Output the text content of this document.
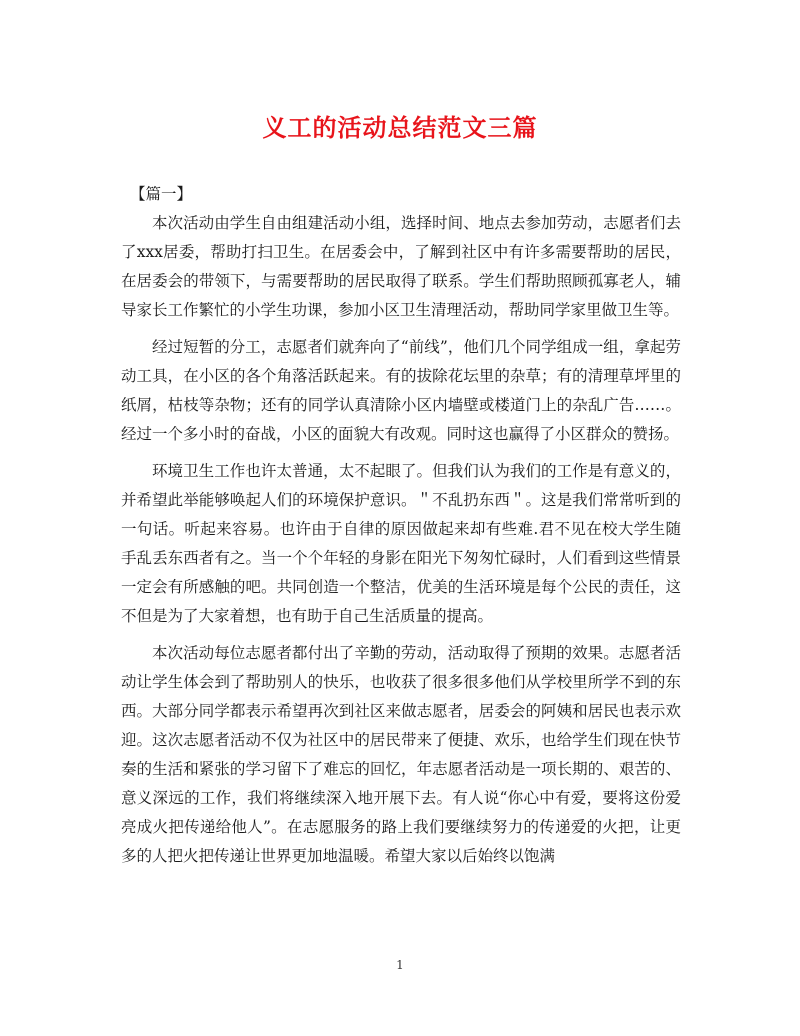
义工的活动总结范文三篇
【篇一】

本次活动由学生自由组建活动小组，选择时间、地点去参加劳动，志愿者们去了xxx居委，帮助打扫卫生。在居委会中，了解到社区中有许多需要帮助的居民，在居委会的带领下，与需要帮助的居民取得了联系。学生们帮助照顾孤寡老人，辅导家长工作繁忙的小学生功课，参加小区卫生清理活动，帮助同学家里做卫生等。

经过短暂的分工，志愿者们就奔向了“前线”，他们几个同学组成一组，拿起劳动工具，在小区的各个角落活跃起来。有的拔除花坛里的杂草；有的清理草坪里的纸屑，枯枝等杂物；还有的同学认真清除小区内墙壁或楼道门上的杂乱广告……。经过一个多小时的奋战，小区的面貌大有改观。同时这也赢得了小区群众的赞扬。

环境卫生工作也许太普通，太不起眼了。但我们认为我们的工作是有意义的，并希望此举能够唤起人们的环境保护意识。＂不乱扔东西＂。这是我们常常听到的一句话。听起来容易。也许由于自律的原因做起来却有些难.君不见在校大学生随手乱丢东西者有之。当一个个年轻的身影在阳光下匆匆忙碌时，人们看到这些情景一定会有所感触的吧。共同创造一个整洁，优美的生活环境是每个公民的责任，这不但是为了大家着想，也有助于自己生活质量的提高。

本次活动每位志愿者都付出了辛勤的劳动，活动取得了预期的效果。志愿者活动让学生体会到了帮助别人的快乐，也收获了很多很多他们从学校里所学不到的东西。大部分同学都表示希望再次到社区来做志愿者，居委会的阿姨和居民也表示欢迎。这次志愿者活动不仅为社区中的居民带来了便捷、欢乐，也给学生们现在快节奏的生活和紧张的学习留下了难忘的回忆，年志愿者活动是一项长期的、艰苦的、意义深远的工作，我们将继续深入地开展下去。有人说“你心中有爱，要将这份爱亮成火把传递给他人”。在志愿服务的路上我们要继续努力的传递爱的火把，让更多的人把火把传递让世界更加地温暖。希望大家以后始终以饱满

1
